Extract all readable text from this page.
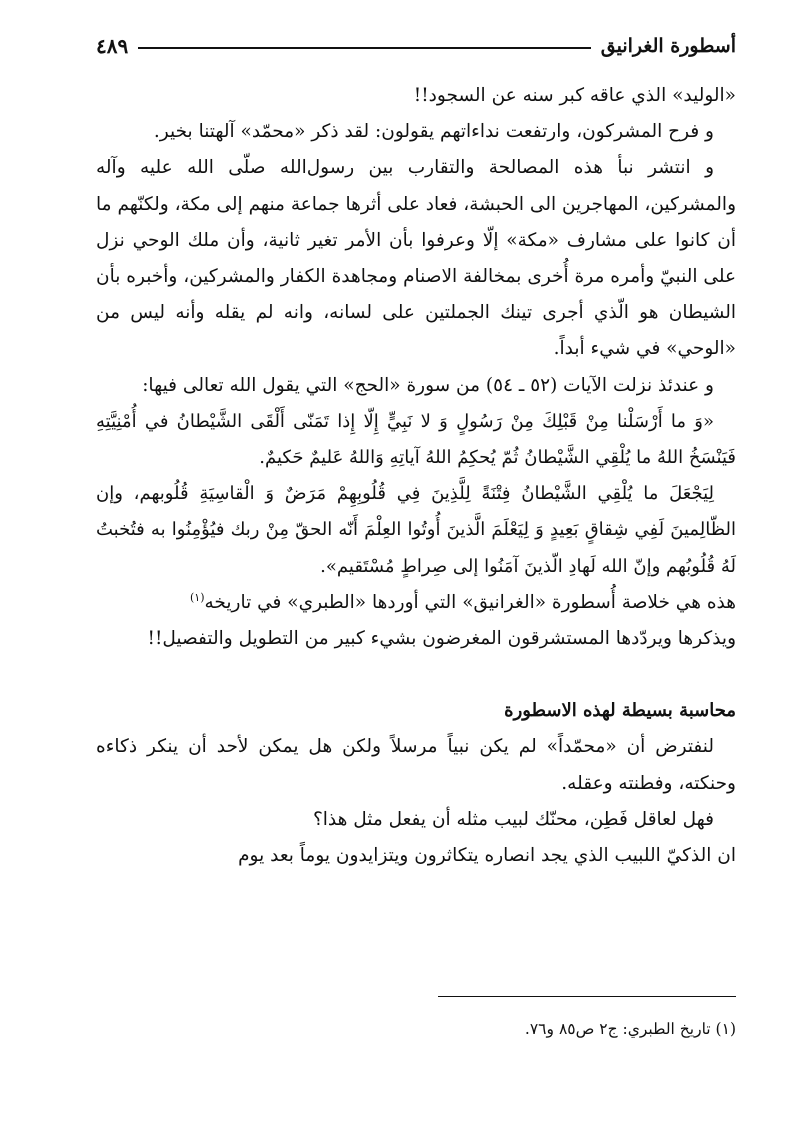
أسطورة الغرانيق
٤٨٩

«الوليد» الذي عاقه كبر سنه عن السجود!!

و فرح المشركون، وارتفعت نداءاتهم يقولون: لقد ذكر «محمّد» آلهتنا بخير.

و انتشر نبأ هذه المصالحة والتقارب بين رسول‌الله صلّى الله عليه وآله والمشركين، المهاجرين الى الحبشة، فعاد على أثرها جماعة منهم إلى مكة، ولكنّهم ما أن كانوا على مشارف «مكة» إلّا وعرفوا بأن الأمر تغير ثانية، وأن ملك الوحي نزل على النبيّ وأمره مرة أُخرى بمخالفة الاصنام ومجاهدة الكفار والمشركين، وأخبره بأن الشيطان هو الّذي أجرى تينك الجملتين على لسانه، وانه لم يقله وأنه ليس من «الوحي» في شيء أبداً.

و عندئذ نزلت الآيات (٥٢ ـ ٥٤) من سورة «الحج» التي يقول الله تعالى فيها:

«وَ ما أَرْسَلْنا مِنْ قَبْلِكَ مِنْ رَسُولٍ وَ لا نَبِيٍّ إِلّا إِذا تَمَنّى أَلْقَى الشَّيْطانُ في أُمْنِيَّتِهِ فَيَنْسَخُ اللهُ ما يُلْقِي الشَّيْطانُ ثُمّ يُحكِمُ اللهُ آياتِهِ وَاللهُ عَليمٌ حَكيمٌ.

لِيَجْعَلَ ما يُلْقِي الشَّيْطانُ فِتْنَةً لِلَّذِينَ فِي قُلُوبِهِمْ مَرَضٌ وَ الْقاسِيَةِ قُلُوبهم، وإن الظّالِمينَ لَفِي شِقاقٍ بَعِيدٍ وَ لِيَعْلَمَ الَّذينَ أُوتُوا العِلْمَ أَنّه الحقّ مِنْ ربك فيُؤْمِنُوا به فتُخبتُ لَهُ قُلُوبُهم وإنّ الله لَهادِ الّذينَ آمَنُوا إلى صِراطٍ مُسْتَقيم».

هذه هي خلاصة أُسطورة «الغرانيق» التي أوردها «الطبري» في تاريخه$^{(١)}$

ويذكرها ويردّدها المستشرقون المغرضون بشيء كبير من التطويل والتفصيل!!

محاسبة بسيطة لهذه الاسطورة

لنفترض أن «محمّداً» لم يكن نبياً مرسلاً ولكن هل يمكن لأحد أن ينكر ذكاءه وحنكته، وفطنته وعقله.

فهل لعاقل فَطِن، محنّك لبيب مثله أن يفعل مثل هذا؟

ان الذكيّ اللبيب الذي يجد انصاره يتكاثرون ويتزايدون يوماً بعد يوم

(١) تاريخ الطبري: ج٢ ص٨٥ و٧٦.
